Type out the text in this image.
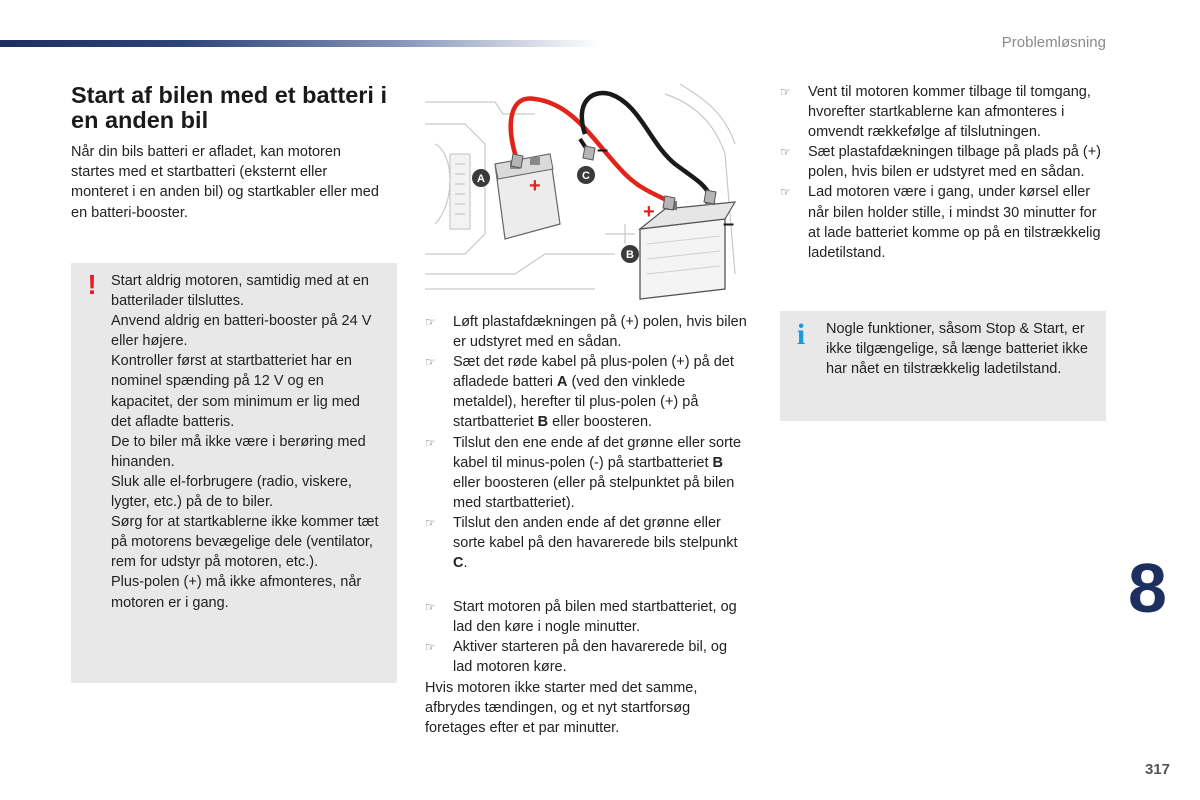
Problemløsning
Start af bilen med et batteri i en anden bil

Når din bils batteri er afladet, kan motoren startes med et startbatteri (eksternt eller monteret i en anden bil) og startkabler eller med en batteri-booster.

! Start aldrig motoren, samtidig med at en batterilader tilsluttes.
Anvend aldrig en batteri-booster på 24 V eller højere.
Kontroller først at startbatteriet har en nominel spænding på 12 V og en kapacitet, der som minimum er lig med det afladte batteris.
De to biler må ikke være i berøring med hinanden.
Sluk alle el-forbrugere (radio, viskere, lygter, etc.) på de to biler.
Sørg for at startkablerne ikke kommer tæt på motorens bevægelige dele (ventilator, rem for udstyr på motoren, etc.).
Plus-polen (+) må ikke afmonteres, når motoren er i gang.
+
+
–
–
A	C
B
☞ Løft plastafdækningen på (+) polen, hvis bilen er udstyret med en sådan.
☞ Sæt det røde kabel på plus-polen (+) på det afladede batteri A (ved den vinklede metaldel), herefter til plus-polen (+) på startbatteriet B eller boosteren.
☞ Tilslut den ene ende af det grønne eller sorte kabel til minus-polen (-) på startbatteriet B eller boosteren (eller på stelpunktet på bilen med startbatteriet).
☞ Tilslut den anden ende af det grønne eller sorte kabel på den havarerede bils stelpunkt C.
☞ Start motoren på bilen med startbatteriet, og lad den køre i nogle minutter.
☞ Aktiver starteren på den havarerede bil, og lad motoren køre.

Hvis motoren ikke starter med det samme, afbrydes tændingen, og et nyt startforsøg foretages efter et par minutter.

☞ Vent til motoren kommer tilbage til tomgang, hvorefter startkablerne kan afmonteres i omvendt rækkefølge af tilslutningen.
☞ Sæt plastafdækningen tilbage på plads på (+) polen, hvis bilen er udstyret med en sådan.
☞ Lad motoren være i gang, under kørsel eller når bilen holder stille, i mindst 30 minutter for at lade batteriet komme op på en tilstrækkelig ladetilstand.
i Nogle funktioner, såsom Stop & Start, er ikke tilgængelige, så længe batteriet ikke har nået en tilstrækkelig ladetilstand.

8
317
